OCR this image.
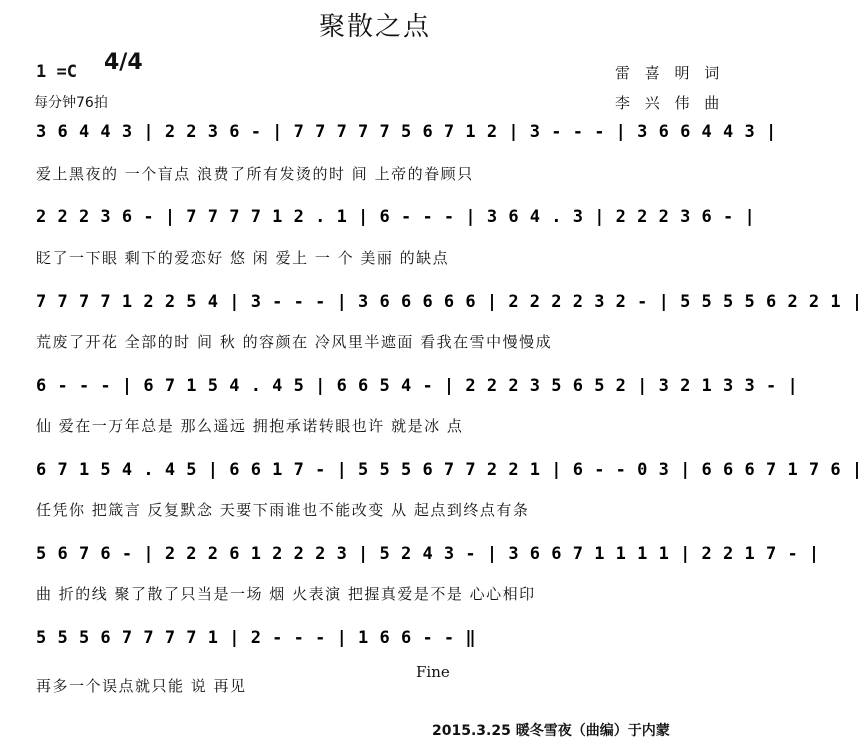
聚散之点
1 =C 4/4
每分钟76拍
雷 喜 明 词
李 兴 伟 曲
3 6 4 4 3 | 2 2 3 6 - | 7 7 7 7 7 5 6 7 1 2 | 3 - - - | 3 6 6 4 4 3 |
爱上黑夜的 一个盲点 浪费了所有发烫的时 间 上帝的眷顾只
2 2 2 3 6 - | 7 7 7 7 1 2 . 1 | 6 - - - | 3 6 4 . 3 | 2 2 2 3 6 - |
眨了一下眼 剩下的爱恋好 悠 闲 爱上 一 个 美丽 的缺点
7 7 7 7 1 2 2 5 4 | 3 - - - | 3 6 6 6 6 6 | 2 2 2 2 3 2 - | 5 5 5 5 6 2 2 1 |
荒废了开花 全部的时 间 秋 的容颜在 冷风里半遮面 看我在雪中慢慢成
6 - - - | 6 7 1 5 4 . 4 5 | 6 6 5 4 - | 2 2 2 3 5 6 5 2 | 3 2 1 3 3 - |
仙 爱在一万年总是 那么遥远 拥抱承诺转眼也许 就是冰 点
6 7 1 5 4 . 4 5 | 6 6 1 7 - | 5 5 5 6 7 7 2 2 1 | 6 - - 0 3 | 6 6 6 7 1 7 6 |
任凭你 把箴言 反复默念 天要下雨谁也不能改变 从 起点到终点有条
5 6 7 6 - | 2 2 2 6 1 2 2 2 3 | 5 2 4 3 - | 3 6 6 7 1 1 1 1 | 2 2 1 7 - |
曲 折的线 聚了散了只当是一场 烟 火表演 把握真爱是不是 心心相印
5 5 5 6 7 7 7 7 1 | 2 - - - | 1 6 6 - - ‖
再多一个误点就只能 说 再见
Fine
2015.3.25 暖冬雪夜（曲编）于内蒙
